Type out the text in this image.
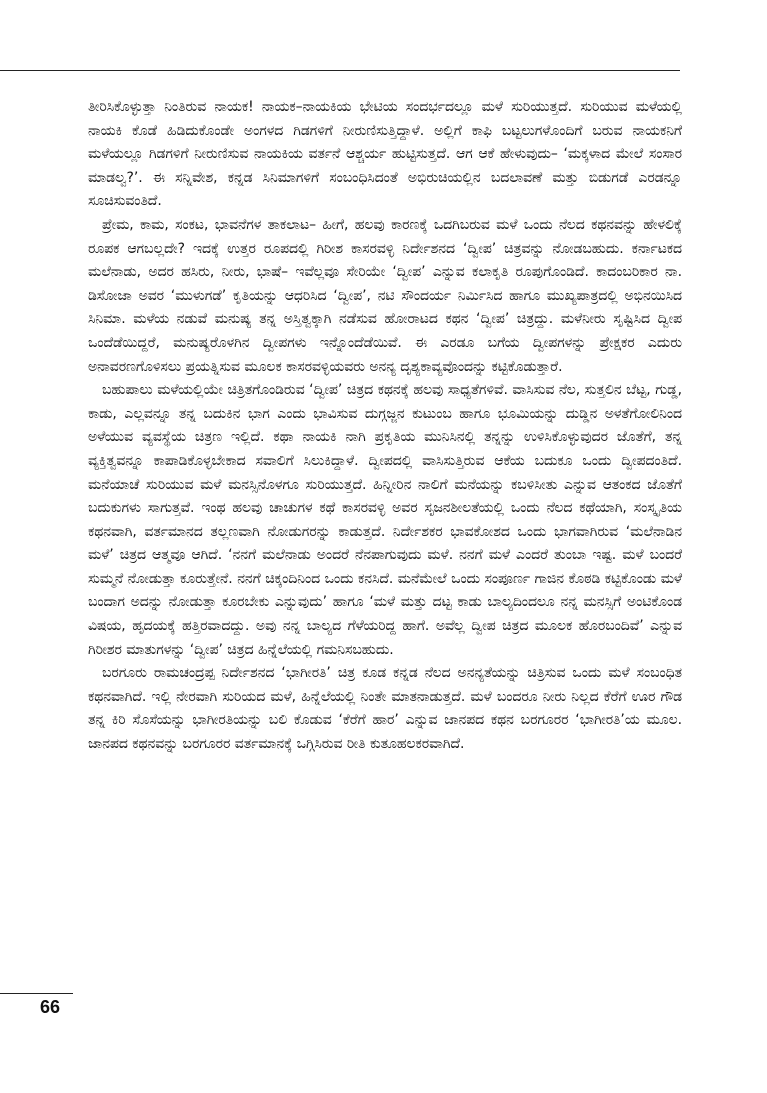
ತೀರಿಸಿಕೊಳ್ಳುತ್ತಾ ನಿಂತಿರುವ ನಾಯಕ! ನಾಯಕ–ನಾಯಕಿಯ ಭೇಟಿಯ ಸಂದರ್ಭದಲ್ಲೂ ಮಳೆ ಸುರಿಯುತ್ತದೆ. ಸುರಿಯುವ ಮಳೆಯಲ್ಲಿ ನಾಯಕಿ ಕೊಡೆ ಹಿಡಿದುಕೊಂಡೇ ಅಂಗಳದ ಗಿಡಗಳಿಗೆ ನೀರುಣಿಸುತ್ತಿದ್ದಾಳೆ. ಅಲ್ಲಿಗೆ ಕಾಫಿ ಬಟ್ಟಲುಗಳೊಂದಿಗೆ ಬರುವ ನಾಯಕನಿಗೆ ಮಳೆಯಲ್ಲೂ ಗಿಡಗಳಿಗೆ ನೀರುಣಿಸುವ ನಾಯಕಿಯ ವರ್ತನೆ ಆಶ್ಚರ್ಯ ಹುಟ್ಟಿಸುತ್ತದೆ. ಆಗ ಆಕೆ ಹೇಳುವುದು– ‘ಮಕ್ಕಳಾದ ಮೇಲೆ ಸಂಸಾರ ಮಾಡಲ್ವ?’. ಈ ಸನ್ನಿವೇಶ, ಕನ್ನಡ ಸಿನಿಮಾಗಳಿಗೆ ಸಂಬಂಧಿಸಿದಂತೆ ಅಭಿರುಚಿಯಲ್ಲಿನ ಬದಲಾವಣೆ ಮತ್ತು ಬಿಡುಗಡೆ ಎರಡನ್ನೂ ಸೂಚಿಸುವಂತಿದೆ.

ಪ್ರೇಮ, ಕಾಮ, ಸಂಕಟ, ಭಾವನೆಗಳ ತಾಕಲಾಟ– ಹೀಗೆ, ಹಲವು ಕಾರಣಕ್ಕೆ ಒದಗಿಬರುವ ಮಳೆ ಒಂದು ನೆಲದ ಕಥನವನ್ನು ಹೇಳಲಿಕ್ಕೆ ರೂಪಕ ಆಗಬಲ್ಲದೇ? ಇದಕ್ಕೆ ಉತ್ತರ ರೂಪದಲ್ಲಿ ಗಿರೀಶ ಕಾಸರವಳ್ಳಿ ನಿರ್ದೇಶನದ ‘ದ್ವೀಪ’ ಚಿತ್ರವನ್ನು ನೋಡಬಹುದು. ಕರ್ನಾಟಕದ ಮಲೆನಾಡು, ಅದರ ಹಸಿರು, ನೀರು, ಭಾಷೆ– ಇವೆಲ್ಲವೂ ಸೇರಿಯೇ ‘ದ್ವೀಪ’ ಎನ್ನುವ ಕಲಾಕೃತಿ ರೂಪುಗೊಂಡಿದೆ. ಕಾದಂಬರಿಕಾರ ನಾ. ಡಿಸೋಜಾ ಅವರ ‘ಮುಳುಗಡೆ’ ಕೃತಿಯನ್ನು ಆಧರಿಸಿದ ‘ದ್ವೀಪ’, ನಟಿ ಸೌಂದರ್ಯ ನಿರ್ಮಿಸಿದ ಹಾಗೂ ಮುಖ್ಯಪಾತ್ರದಲ್ಲಿ ಅಭಿನಯಿಸಿದ ಸಿನಿಮಾ. ಮಳೆಯ ನಡುವೆ ಮನುಷ್ಯ ತನ್ನ ಅಸ್ತಿತ್ವಕ್ಕಾಗಿ ನಡೆಸುವ ಹೋರಾಟದ ಕಥನ ‘ದ್ವೀಪ’ ಚಿತ್ರದ್ದು. ಮಳೆನೀರು ಸೃಷ್ಟಿಸಿದ ದ್ವೀಪ ಒಂದೆಡೆಯಿದ್ದರೆ, ಮನುಷ್ಯರೊಳಗಿನ ದ್ವೀಪಗಳು ಇನ್ನೊಂದೆಡೆಯಿವೆ. ಈ ಎರಡೂ ಬಗೆಯ ದ್ವೀಪಗಳನ್ನು ಪ್ರೇಕ್ಷಕರ ಎದುರು ಅನಾವರಣಗೊಳಿಸಲು ಪ್ರಯತ್ನಿಸುವ ಮೂಲಕ ಕಾಸರವಳ್ಳಿಯವರು ಅನನ್ಯ ದೃಶ್ಯಕಾವ್ಯವೊಂದನ್ನು ಕಟ್ಟಿಕೊಡುತ್ತಾರೆ.

ಬಹುಪಾಲು ಮಳೆಯಲ್ಲಿಯೇ ಚಿತ್ರಿತಗೊಂಡಿರುವ ‘ದ್ವೀಪ’ ಚಿತ್ರದ ಕಥನಕ್ಕೆ ಹಲವು ಸಾಧ್ಯತೆಗಳಿವೆ. ವಾಸಿಸುವ ನೆಲ, ಸುತ್ತಲಿನ ಬೆಟ್ಟ, ಗುಡ್ಡ, ಕಾಡು, ಎಲ್ಲವನ್ನೂ ತನ್ನ ಬದುಕಿನ ಭಾಗ ಎಂದು ಭಾವಿಸುವ ದುಗ್ಗಜ್ಜನ ಕುಟುಂಬ ಹಾಗೂ ಭೂಮಿಯನ್ನು ದುಡ್ಡಿನ ಅಳತೆಗೋಲಿನಿಂದ ಅಳೆಯುವ ವ್ಯವಸ್ಥೆಯ ಚಿತ್ರಣ ಇಲ್ಲಿದೆ. ಕಥಾ ನಾಯಕಿ ನಾಗಿ ಪ್ರಕೃತಿಯ ಮುನಿಸಿನಲ್ಲಿ ತನ್ನನ್ನು ಉಳಿಸಿಕೊಳ್ಳುವುದರ ಜೊತೆಗೆ, ತನ್ನ ವ್ಯಕ್ತಿತ್ವವನ್ನೂ ಕಾಪಾಡಿಕೊಳ್ಳಬೇಕಾದ ಸವಾಲಿಗೆ ಸಿಲುಕಿದ್ದಾಳೆ. ದ್ವೀಪದಲ್ಲಿ ವಾಸಿಸುತ್ತಿರುವ ಆಕೆಯ ಬದುಕೂ ಒಂದು ದ್ವೀಪದಂತಿದೆ. ಮನೆಯಾಚೆ ಸುರಿಯುವ ಮಳೆ ಮನಸ್ಸಿನೊಳಗೂ ಸುರಿಯುತ್ತದೆ. ಹಿನ್ನೀರಿನ ನಾಲಿಗೆ ಮನೆಯನ್ನು ಕಬಳಿಸೀತು ಎನ್ನುವ ಆತಂಕದ ಜೊತೆಗೆ ಬದುಕುಗಳು ಸಾಗುತ್ತವೆ. ಇಂಥ ಹಲವು ಚಾಚುಗಳ ಕಥೆ ಕಾಸರವಳ್ಳಿ ಅವರ ಸೃಜನಶೀಲತೆಯಲ್ಲಿ ಒಂದು ನೆಲದ ಕಥೆಯಾಗಿ, ಸಂಸ್ಕೃತಿಯ ಕಥನವಾಗಿ, ವರ್ತಮಾನದ ತಲ್ಲಣವಾಗಿ ನೋಡುಗರನ್ನು ಕಾಡುತ್ತದೆ. ನಿರ್ದೇಶಕರ ಭಾವಕೋಶದ ಒಂದು ಭಾಗವಾಗಿರುವ ‘ಮಲೆನಾಡಿನ ಮಳೆ’ ಚಿತ್ರದ ಆತ್ಮವೂ ಆಗಿದೆ. ‘ನನಗೆ ಮಲೆನಾಡು ಅಂದರೆ ನೆನಪಾಗುವುದು ಮಳೆ. ನನಗೆ ಮಳೆ ಎಂದರೆ ತುಂಬಾ ಇಷ್ಟ. ಮಳೆ ಬಂದರೆ ಸುಮ್ಮನೆ ನೋಡುತ್ತಾ ಕೂರುತ್ತೇನೆ. ನನಗೆ ಚಿಕ್ಕಂದಿನಿಂದ ಒಂದು ಕನಸಿದೆ. ಮನೆಮೇಲೆ ಒಂದು ಸಂಪೂರ್ಣ ಗಾಜಿನ ಕೊಠಡಿ ಕಟ್ಟಿಕೊಂಡು ಮಳೆ ಬಂದಾಗ ಅದನ್ನು ನೋಡುತ್ತಾ ಕೂರಬೇಕು ಎನ್ನುವುದು’ ಹಾಗೂ ‘ಮಳೆ ಮತ್ತು ದಟ್ಟ ಕಾಡು ಬಾಲ್ಯದಿಂದಲೂ ನನ್ನ ಮನಸ್ಸಿಗೆ ಅಂಟಿಕೊಂಡ ವಿಷಯ, ಹೃದಯಕ್ಕೆ ಹತ್ತಿರವಾದದ್ದು. ಅವು ನನ್ನ ಬಾಲ್ಯದ ಗೆಳೆಯರಿದ್ದ ಹಾಗೆ. ಅವೆಲ್ಲ ದ್ವೀಪ ಚಿತ್ರದ ಮೂಲಕ ಹೊರಬಂದಿವೆ’ ಎನ್ನುವ ಗಿರೀಶರ ಮಾತುಗಳನ್ನು ‘ದ್ವೀಪ’ ಚಿತ್ರದ ಹಿನ್ನೆಲೆಯಲ್ಲಿ ಗಮನಿಸಬಹುದು.

ಬರಗೂರು ರಾಮಚಂದ್ರಪ್ಪ ನಿರ್ದೇಶನದ ‘ಭಾಗೀರತಿ’ ಚಿತ್ರ ಕೂಡ ಕನ್ನಡ ನೆಲದ ಅನನ್ಯತೆಯನ್ನು ಚಿತ್ರಿಸುವ ಒಂದು ಮಳೆ ಸಂಬಂಧಿತ ಕಥನವಾಗಿದೆ. ಇಲ್ಲಿ ನೇರವಾಗಿ ಸುರಿಯದ ಮಳೆ, ಹಿನ್ನೆಲೆಯಲ್ಲಿ ನಿಂತೇ ಮಾತನಾಡುತ್ತದೆ. ಮಳೆ ಬಂದರೂ ನೀರು ನಿಲ್ಲದ ಕೆರೆಗೆ ಊರ ಗೌಡ ತನ್ನ ಕಿರಿ ಸೊಸೆಯನ್ನು ಭಾಗೀರತಿಯನ್ನು ಬಲಿ ಕೊಡುವ ‘ಕೆರೆಗೆ ಹಾರ’ ಎನ್ನುವ ಜಾನಪದ ಕಥನ ಬರಗೂರರ ‘ಭಾಗೀರತಿ’ಯ ಮೂಲ. ಜಾನಪದ ಕಥನವನ್ನು ಬರಗೂರರ ವರ್ತಮಾನಕ್ಕೆ ಒಗ್ಗಿಸಿರುವ ರೀತಿ ಕುತೂಹಲಕರವಾಗಿದೆ.

66
